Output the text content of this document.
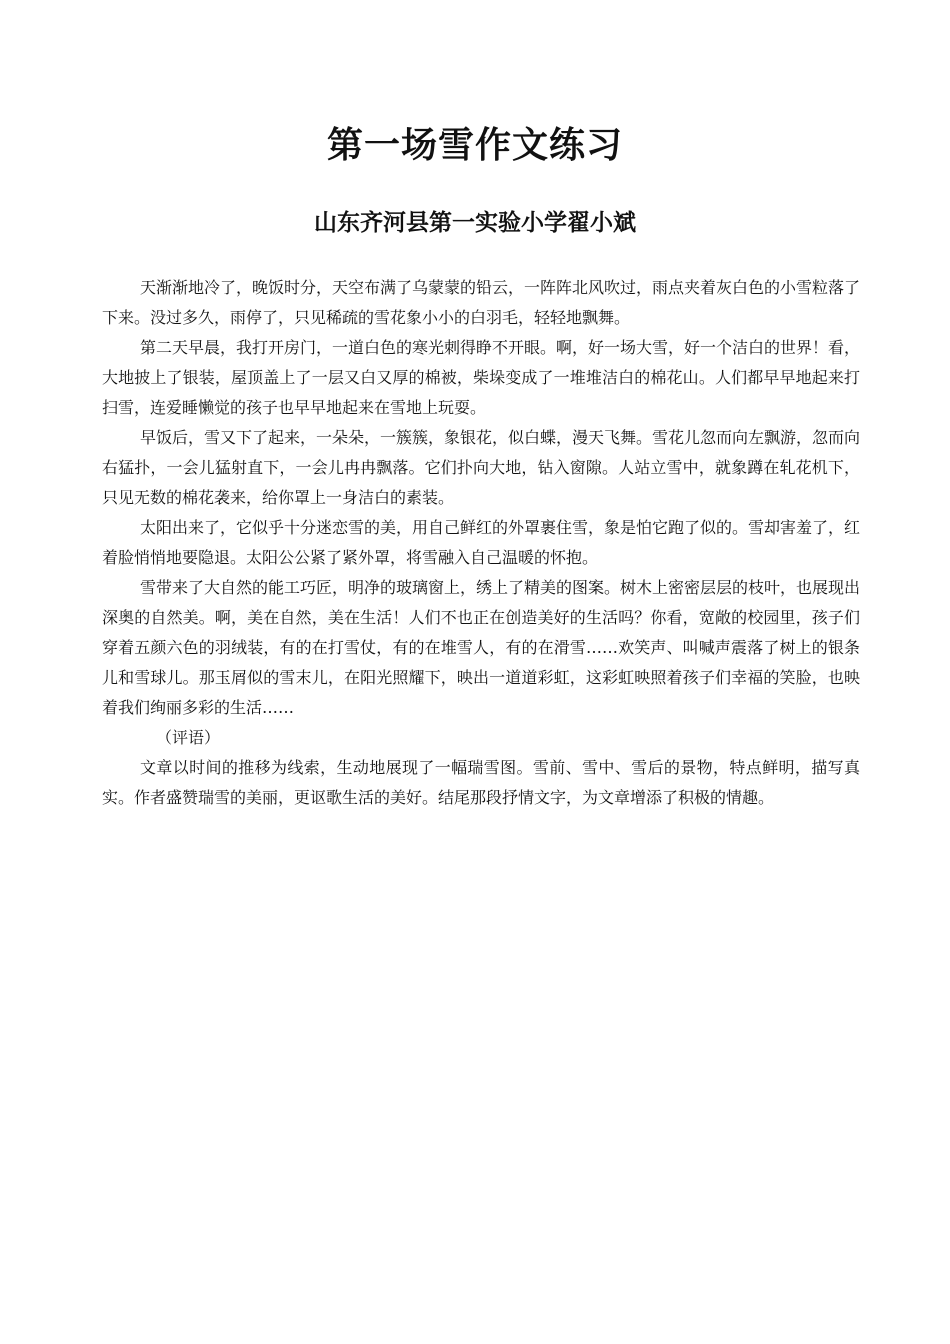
第一场雪作文练习
山东齐河县第一实验小学翟小斌

天渐渐地冷了，晚饭时分，天空布满了乌蒙蒙的铅云，一阵阵北风吹过，雨点夹着灰白色的小雪粒落了下来。没过多久，雨停了，只见稀疏的雪花象小小的白羽毛，轻轻地飘舞。

第二天早晨，我打开房门，一道白色的寒光刺得睁不开眼。啊，好一场大雪，好一个洁白的世界！看，大地披上了银装，屋顶盖上了一层又白又厚的棉被，柴垛变成了一堆堆洁白的棉花山。人们都早早地起来打扫雪，连爱睡懒觉的孩子也早早地起来在雪地上玩耍。

早饭后，雪又下了起来，一朵朵，一簇簇，象银花，似白蝶，漫天飞舞。雪花儿忽而向左飘游，忽而向右猛扑，一会儿猛射直下，一会儿冉冉飘落。它们扑向大地，钻入窗隙。人站立雪中，就象蹲在轧花机下，只见无数的棉花袭来，给你罩上一身洁白的素装。

太阳出来了，它似乎十分迷恋雪的美，用自己鲜红的外罩裹住雪，象是怕它跑了似的。雪却害羞了，红着脸悄悄地要隐退。太阳公公紧了紧外罩，将雪融入自己温暖的怀抱。

雪带来了大自然的能工巧匠，明净的玻璃窗上，绣上了精美的图案。树木上密密层层的枝叶，也展现出深奥的自然美。啊，美在自然，美在生活！人们不也正在创造美好的生活吗？你看，宽敞的校园里，孩子们穿着五颜六色的羽绒装，有的在打雪仗，有的在堆雪人，有的在滑雪……欢笑声、叫喊声震落了树上的银条儿和雪球儿。那玉屑似的雪末儿，在阳光照耀下，映出一道道彩虹，这彩虹映照着孩子们幸福的笑脸，也映着我们绚丽多彩的生活……

（评语）

文章以时间的推移为线索，生动地展现了一幅瑞雪图。雪前、雪中、雪后的景物，特点鲜明，描写真实。作者盛赞瑞雪的美丽，更讴歌生活的美好。结尾那段抒情文字，为文章增添了积极的情趣。
